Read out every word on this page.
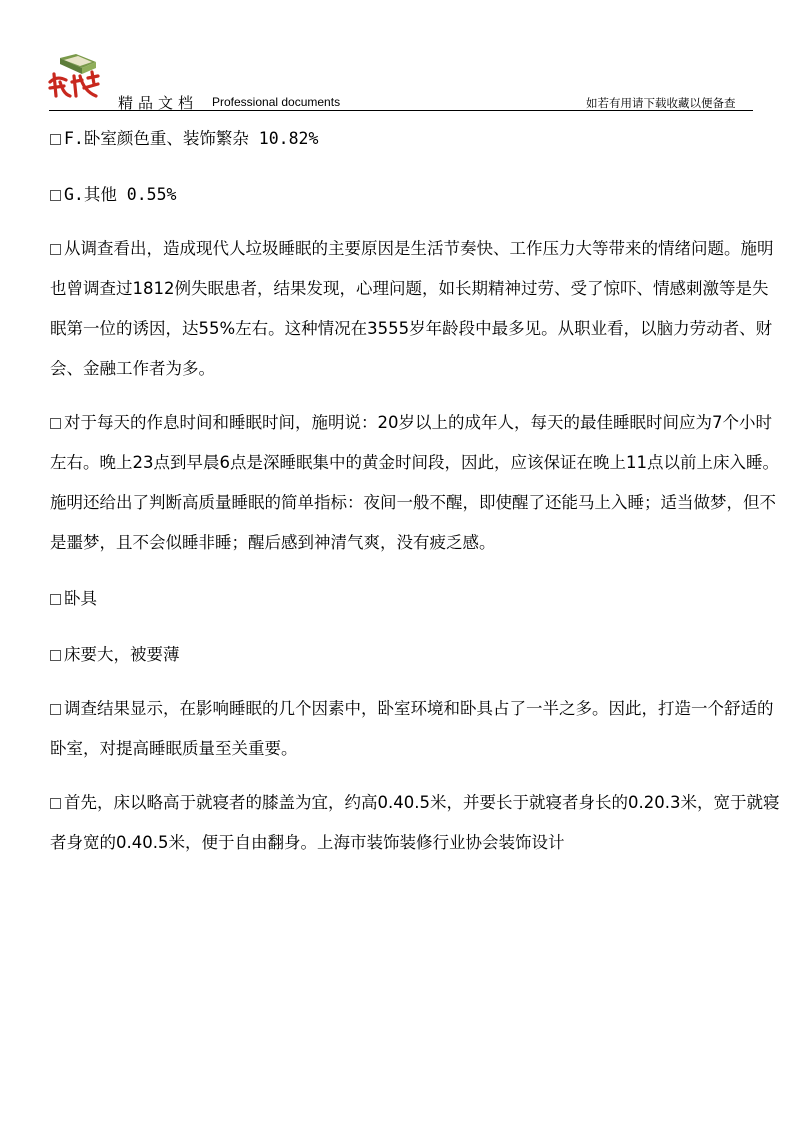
精品文档 Professional documents	如若有用请下载收藏以便备查

F.卧室颜色重、装饰繁杂 10.82%

G.其他 0.55%

从调查看出，造成现代人垃圾睡眠的主要原因是生活节奏快、工作压力大等带来的情绪问题。施明也曾调查过1812例失眠患者，结果发现，心理问题，如长期精神过劳、受了惊吓、情感刺激等是失眠第一位的诱因，达55%左右。这种情况在3555岁年龄段中最多见。从职业看，以脑力劳动者、财会、金融工作者为多。

对于每天的作息时间和睡眠时间，施明说：20岁以上的成年人，每天的最佳睡眠时间应为7个小时左右。晚上23点到早晨6点是深睡眠集中的黄金时间段，因此，应该保证在晚上11点以前上床入睡。施明还给出了判断高质量睡眠的简单指标：夜间一般不醒，即使醒了还能马上入睡；适当做梦，但不是噩梦，且不会似睡非睡；醒后感到神清气爽，没有疲乏感。

卧具

床要大，被要薄

调查结果显示，在影响睡眠的几个因素中，卧室环境和卧具占了一半之多。因此，打造一个舒适的卧室，对提高睡眠质量至关重要。

首先，床以略高于就寝者的膝盖为宜，约高0.40.5米，并要长于就寝者身长的0.20.3米，宽于就寝者身宽的0.40.5米，便于自由翻身。上海市装饰装修行业协会装饰设计
